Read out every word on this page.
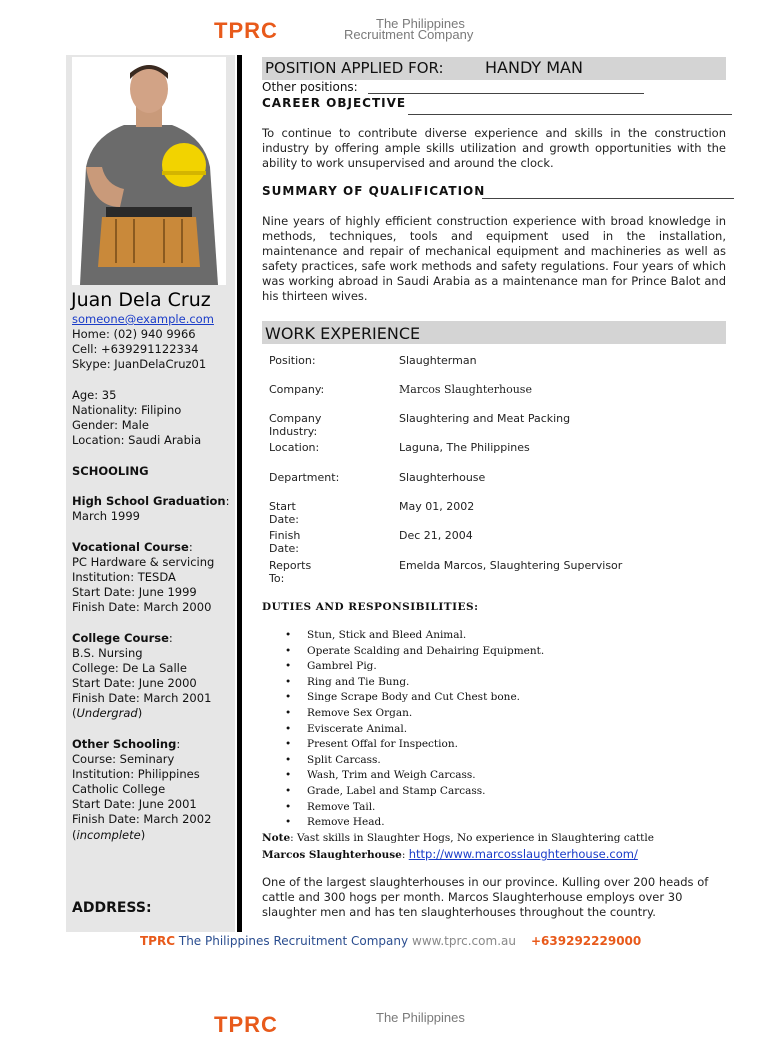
TPRC	The Philippines
Recruitment Company
Juan Dela Cruz
someone@example.com
Home: (02) 940 9966
Cell: +639291122334
Skype: JuanDelaCruz01
Age: 35
Nationality: Filipino
Gender: Male
Location: Saudi Arabia
SCHOOLING
High School Graduation:
March 1999
Vocational Course:
PC Hardware & servicing
Institution: TESDA
Start Date: June 1999
Finish Date: March 2000
College Course:
B.S. Nursing
College: De La Salle
Start Date: June 2000
Finish Date: March 2001
(Undergrad)
Other Schooling:
Course: Seminary
Institution: Philippines
Catholic College
Start Date: June 2001
Finish Date: March 2002
(incomplete)
ADDRESS:
POSITION APPLIED FOR:	HANDY MAN
Other positions:
CAREER OBJECTIVE
To continue to contribute diverse experience and skills in the construction industry by offering ample skills utilization and growth opportunities with the ability to work unsupervised and around the clock.
SUMMARY OF QUALIFICATION
Nine years of highly efficient construction experience with broad knowledge in methods, techniques, tools and equipment used in the installation, maintenance and repair of mechanical equipment and machineries as well as safety practices, safe work methods and safety regulations. Four years of which was working abroad in Saudi Arabia as a maintenance man for Prince Balot and his thirteen wives.
WORK EXPERIENCE
Position:	Slaughterman
Company:	Marcos Slaughterhouse
Company Industry:
Slaughtering and Meat Packing
Location:	Laguna, The Philippines
Department:	Slaughterhouse
Start Date:
May 01, 2002
Finish Date:
Dec 21, 2004
Reports To:
Emelda Marcos, Slaughtering Supervisor
DUTIES AND RESPONSIBILITIES:
• Stun, Stick and Bleed Animal.
• Operate Scalding and Dehairing Equipment.
• Gambrel Pig.
• Ring and Tie Bung.
• Singe Scrape Body and Cut Chest bone.
• Remove Sex Organ.
• Eviscerate Animal.
• Present Offal for Inspection.
• Split Carcass.
• Wash, Trim and Weigh Carcass.
• Grade, Label and Stamp Carcass.
• Remove Tail.
• Remove Head.
Note: Vast skills in Slaughter Hogs, No experience in Slaughtering cattle
Marcos Slaughterhouse: http://www.marcosslaughterhouse.com/
One of the largest slaughterhouses in our province. Kulling over 200 heads of cattle and 300 hogs per month. Marcos Slaughterhouse employs over 30 slaughter men and has ten slaughterhouses throughout the country.
TPRC The Philippines Recruitment Company www.tprc.com.au +639292229000
TPRC	The Philippines
